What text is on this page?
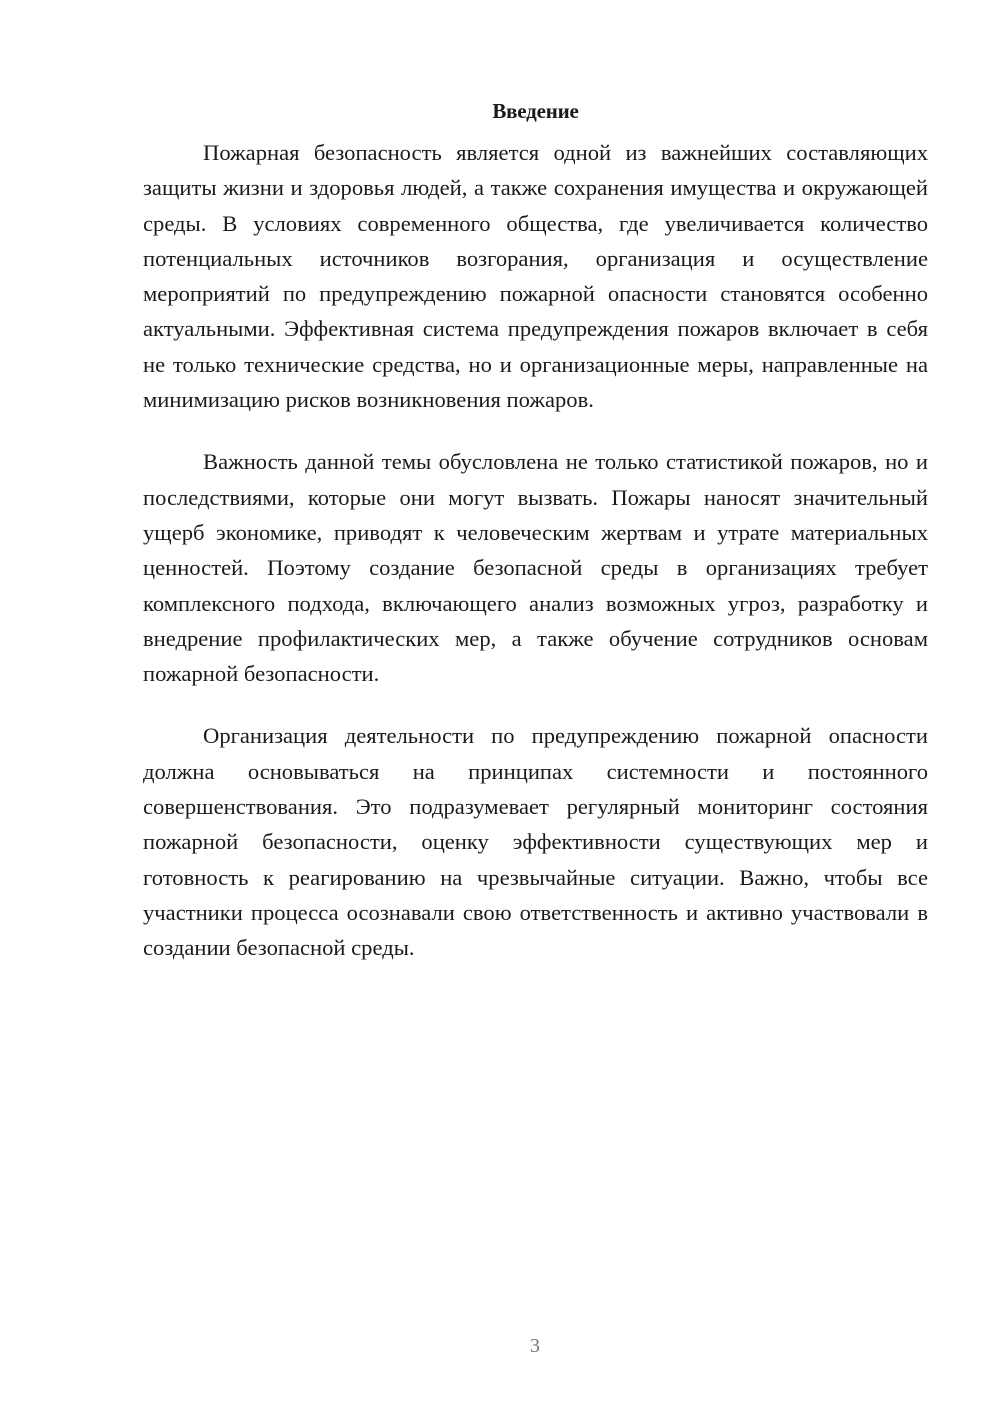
Введение

Пожарная безопасность является одной из важнейших составляющих защиты жизни и здоровья людей, а также сохранения имущества и окружающей среды. В условиях современного общества, где увеличивается количество потенциальных источников возгорания, организация и осуществление мероприятий по предупреждению пожарной опасности становятся особенно актуальными. Эффективная система предупреждения пожаров включает в себя не только технические средства, но и организационные меры, направленные на минимизацию рисков возникновения пожаров.

Важность данной темы обусловлена не только статистикой пожаров, но и последствиями, которые они могут вызвать. Пожары наносят значительный ущерб экономике, приводят к человеческим жертвам и утрате материальных ценностей. Поэтому создание безопасной среды в организациях требует комплексного подхода, включающего анализ возможных угроз, разработку и внедрение профилактических мер, а также обучение сотрудников основам пожарной безопасности.

Организация деятельности по предупреждению пожарной опасности должна основываться на принципах системности и постоянного совершенствования. Это подразумевает регулярный мониторинг состояния пожарной безопасности, оценку эффективности существующих мер и готовность к реагированию на чрезвычайные ситуации. Важно, чтобы все участники процесса осознавали свою ответственность и активно участвовали в создании безопасной среды.

3
